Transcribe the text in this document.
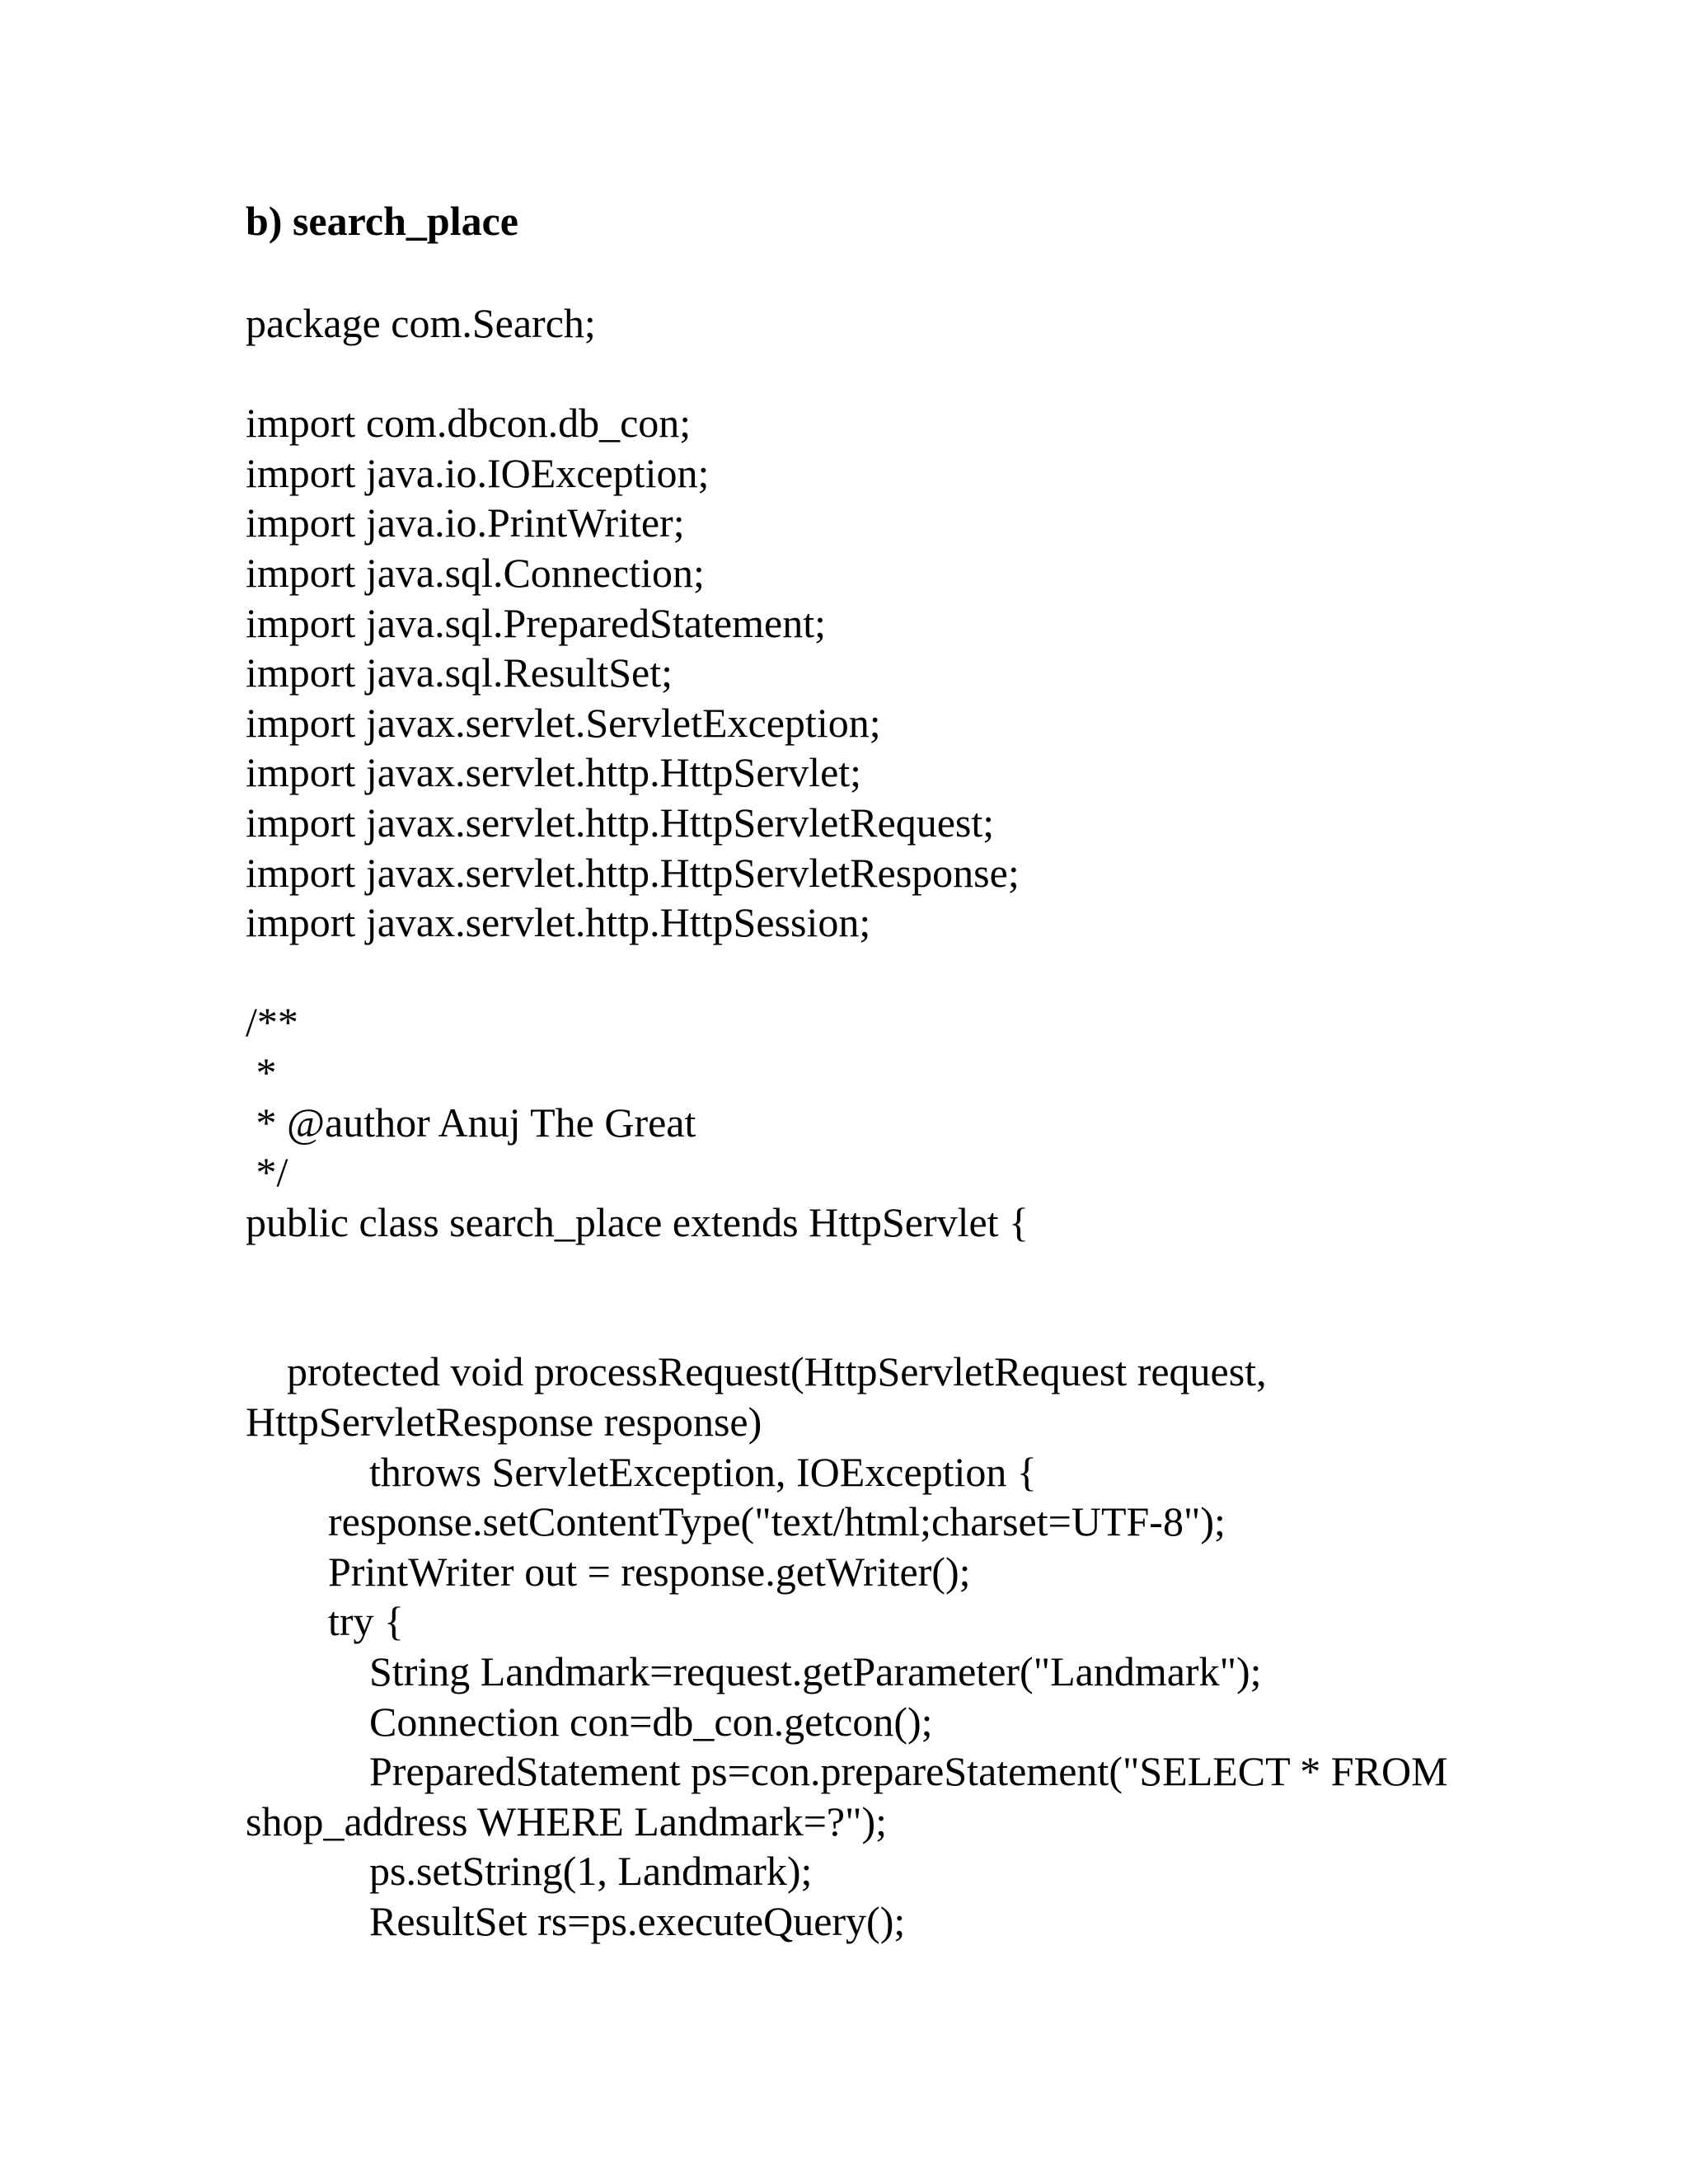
b) search_place
package com.Search;
import com.dbcon.db_con;
import java.io.IOException;
import java.io.PrintWriter;
import java.sql.Connection;
import java.sql.PreparedStatement;
import java.sql.ResultSet;
import javax.servlet.ServletException;
import javax.servlet.http.HttpServlet;
import javax.servlet.http.HttpServletRequest;
import javax.servlet.http.HttpServletResponse;
import javax.servlet.http.HttpSession;
/**
*
* @author Anuj The Great
*/
public class search_place extends HttpServlet {
protected void processRequest(HttpServletRequest request,
HttpServletResponse response)
throws ServletException, IOException {
response.setContentType("text/html;charset=UTF-8");
PrintWriter out = response.getWriter();
try {
String Landmark=request.getParameter("Landmark");
Connection con=db_con.getcon();
PreparedStatement ps=con.prepareStatement("SELECT * FROM
shop_address WHERE Landmark=?");
ps.setString(1, Landmark);
ResultSet rs=ps.executeQuery();
